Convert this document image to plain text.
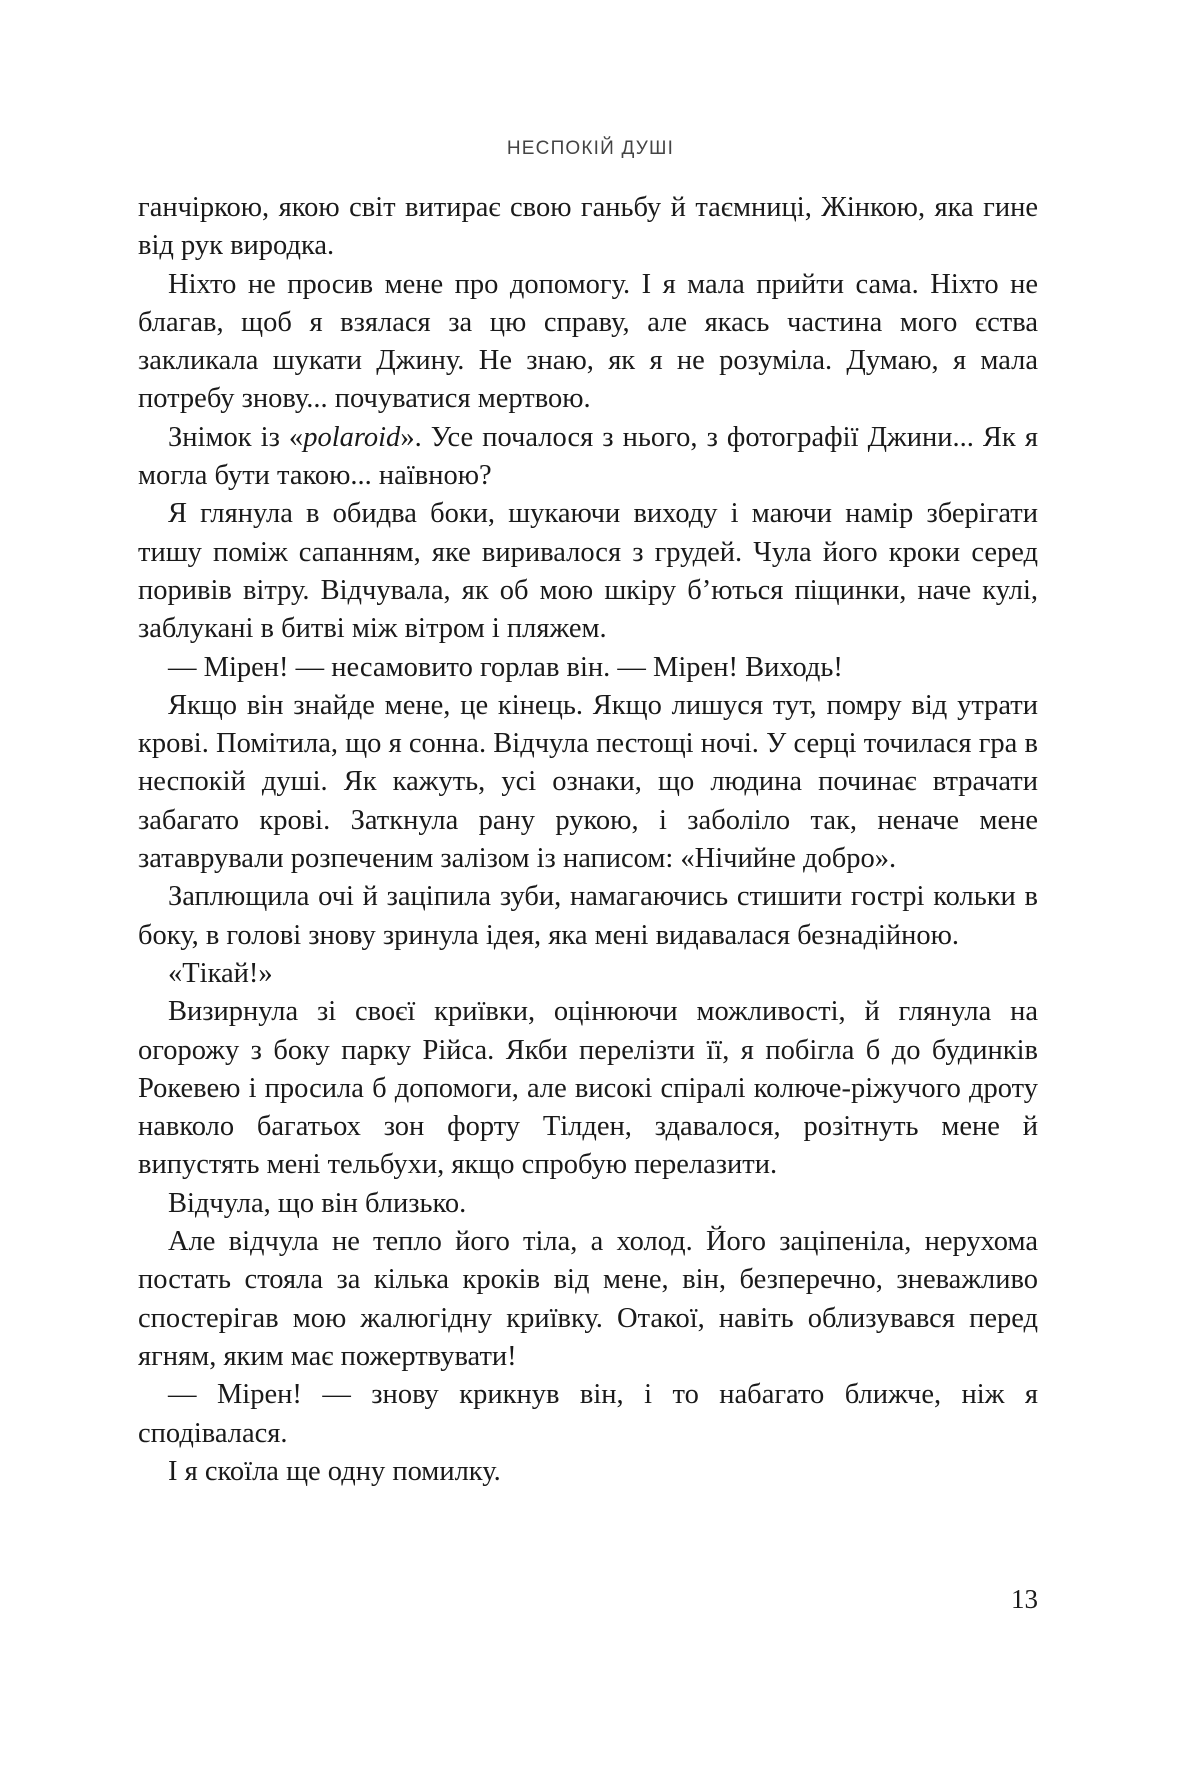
НЕСПОКІЙ ДУШІ

ганчіркою, якою світ витирає свою ганьбу й таємниці, Жінкою, яка гине від рук виродка.

Ніхто не просив мене про допомогу. І я мала прийти сама. Ніхто не благав, щоб я взялася за цю справу, але якась частина мого єства закликала шукати Джину. Не знаю, як я не розуміла. Думаю, я мала потребу знову... почуватися мертвою.

Знімок із «polaroid». Усе почалося з нього, з фотографії Джини... Як я могла бути такою... наївною?

Я глянула в обидва боки, шукаючи виходу і маючи намір зберігати тишу поміж сапанням, яке виривалося з грудей. Чула його кроки серед поривів вітру. Відчувала, як об мою шкіру б’ються піщинки, наче кулі, заблукані в битві між вітром і пляжем.

— Мірен! — несамовито горлав він. — Мірен! Виходь!

Якщо він знайде мене, це кінець. Якщо лишуся тут, помру від утрати крові. Помітила, що я сонна. Відчула пестощі ночі. У серці точилася гра в неспокій душі. Як кажуть, усі ознаки, що людина починає втрачати забагато крові. Заткнула рану рукою, і заболіло так, неначе мене затаврували розпеченим залізом із написом: «Нічийне добро».

Заплющила очі й заціпила зуби, намагаючись стишити гострі кольки в боку, в голові знову зринула ідея, яка мені видавалася безнадійною.

«Тікай!»

Визирнула зі своєї криївки, оцінюючи можливості, й глянула на огорожу з боку парку Рійса. Якби перелізти її, я побігла б до будинків Рокевею і просила б допомоги, але високі спіралі колюче-ріжучого дроту навколо багатьох зон форту Тілден, здавалося, розітнуть мене й випустять мені тельбухи, якщо спробую перелазити.

Відчула, що він близько.

Але відчула не тепло його тіла, а холод. Його заціпеніла, нерухома постать стояла за кілька кроків від мене, він, безперечно, зневажливо спостерігав мою жалюгідну криївку. Отакої, навіть облизувався перед ягням, яким має пожертвувати!

— Мірен! — знову крикнув він, і то набагато ближче, ніж я сподівалася.

І я скоїла ще одну помилку.

13
